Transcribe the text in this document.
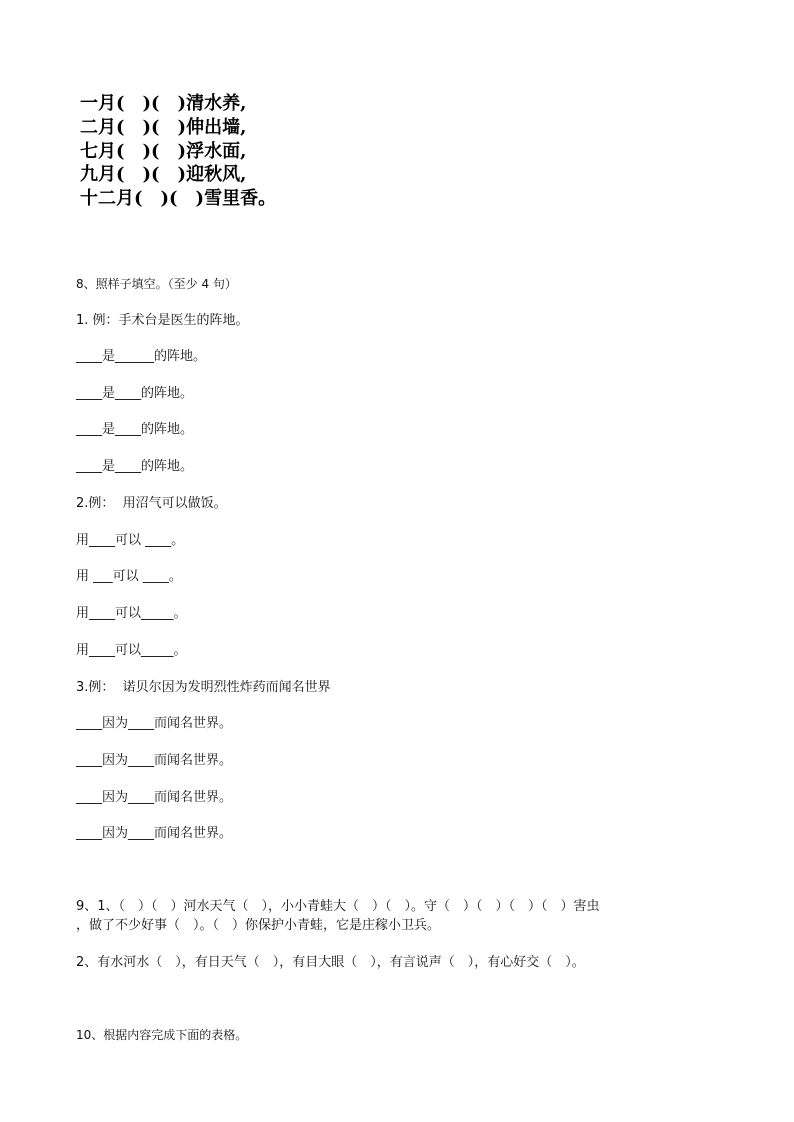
一月(　)(　)清水养,
二月(　)(　)伸出墙,
七月(　)(　)浮水面,
九月(　)(　)迎秋风,
十二月(　)(　)雪里香。
8、照样子填空。（至少 4 句）
1. 例：手术台是医生的阵地。
____是______的阵地。
____是____的阵地。
____是____的阵地。
____是____的阵地。
2.例：  用沼气可以做饭。
用____可以 ____。
用 ___可以 ____。
用____可以_____。
用____可以_____。
3.例：  诺贝尔因为发明烈性炸药而闻名世界
____因为____而闻名世界。
____因为____而闻名世界。
____因为____而闻名世界。
____因为____而闻名世界。
9、1、（　）（　）河水天气（　），小小青蛙大（　）（　）。守（　）（　）（　）（　）害虫
，做了不少好事（　）。（　）你保护小青蛙，它是庄稼小卫兵。
2、有水河水（　），有日天气（　），有目大眼（　），有言说声（　），有心好交（　）。
10、根据内容完成下面的表格。
